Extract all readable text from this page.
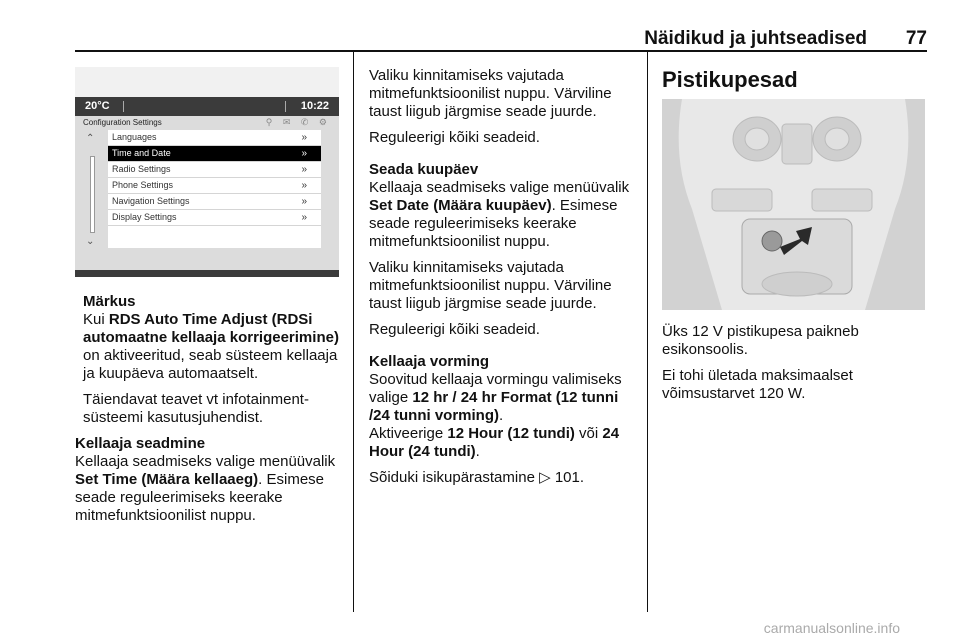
Näidikud ja juhtseadised 77
20°C	10:22
Configuration Settings	⚲ ✉ ✆ ⚙
⌃
⌄
Languages	»
Time and Date	»
Radio Settings	»
Phone Settings	»
Navigation Settings	»
Display Settings	»
Märkus

Kui RDS Auto Time Adjust (RDSi automaatne kellaaja korrigeerimine) on aktiveeritud, seab süsteem kellaaja ja kuupäeva automaatselt.

Täiendavat teavet vt infotainment-süsteemi kasutusjuhendist.

Kellaaja seadmine

Kellaaja seadmiseks valige menüüvalik Set Time (Määra kellaaeg). Esimese seade reguleerimiseks keerake mitmefunktsioonilist nuppu.

Valiku kinnitamiseks vajutada mitmefunktsioonilist nuppu. Värviline taust liigub järgmise seade juurde.

Reguleerigi kõiki seadeid.

Seada kuupäev

Kellaaja seadmiseks valige menüüvalik Set Date (Määra kuupäev). Esimese seade reguleerimiseks keerake mitmefunktsioonilist nuppu.

Valiku kinnitamiseks vajutada mitmefunktsioonilist nuppu. Värviline taust liigub järgmise seade juurde.

Reguleerigi kõiki seadeid.

Kellaaja vorming

Soovitud kellaaja vormingu valimiseks valige 12 hr / 24 hr Format (12 tunni /24 tunni vorming).
Aktiveerige 12 Hour (12 tundi) või 24 Hour (24 tundi).

Sõiduki isikupärastamine ▷ 101.

Pistikupesad

Üks 12 V pistikupesa paikneb esikonsoolis.

Ei tohi ületada maksimaalset võimsustarvet 120 W.

carmanualsonline.info
